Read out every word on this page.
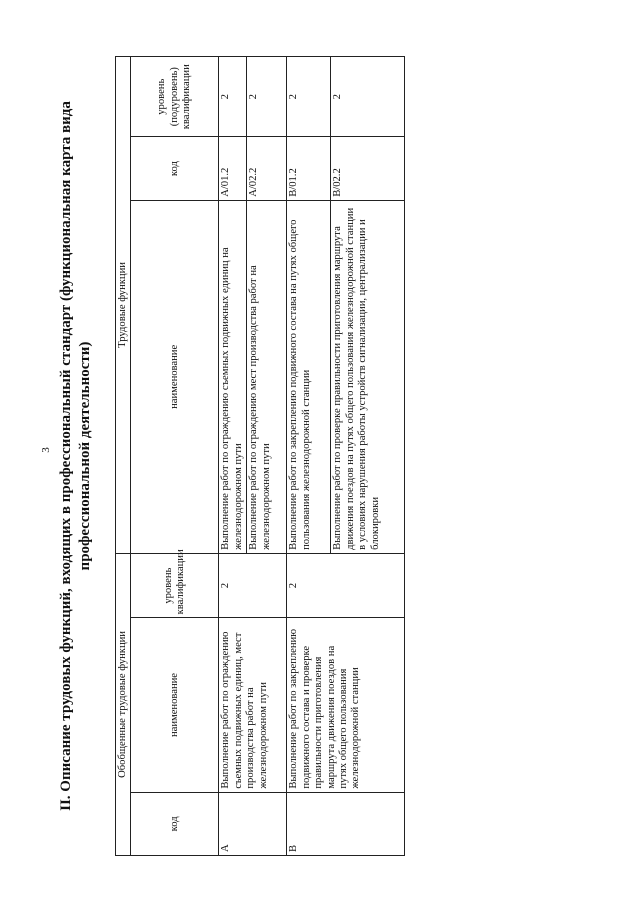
3 II. Описание трудовых функций, входящих в профессиональный стандарт (функциональная карта вида профессиональной деятельности)
Обобщенные трудовые функции			Трудовые функции		
код	наименование	уровень квалификации	наименование	код	уровень (подуровень) квалификации
A	Выполнение работ по ограждению съемных подвижных единиц, мест производства работ на железнодорожном пути	2	Выполнение работ по ограждению съемных подвижных единиц на железнодорожном пути	A/01.2	2
			Выполнение работ по ограждению мест производства работ на железнодорожном пути	A/02.2	2
B	Выполнение работ по закреплению подвижного состава и проверке правильности приготовления маршрута движения поездов на путях общего пользования железнодорожной станции	2	Выполнение работ по закреплению подвижного состава на путях общего пользования железнодорожной станции	B/01.2	2
			Выполнение работ по проверке правильности приготовления маршрута движения поездов на путях общего пользования железнодорожной станции в условиях нарушения работы устройств сигнализации, централизации и блокировки	B/02.2	2
